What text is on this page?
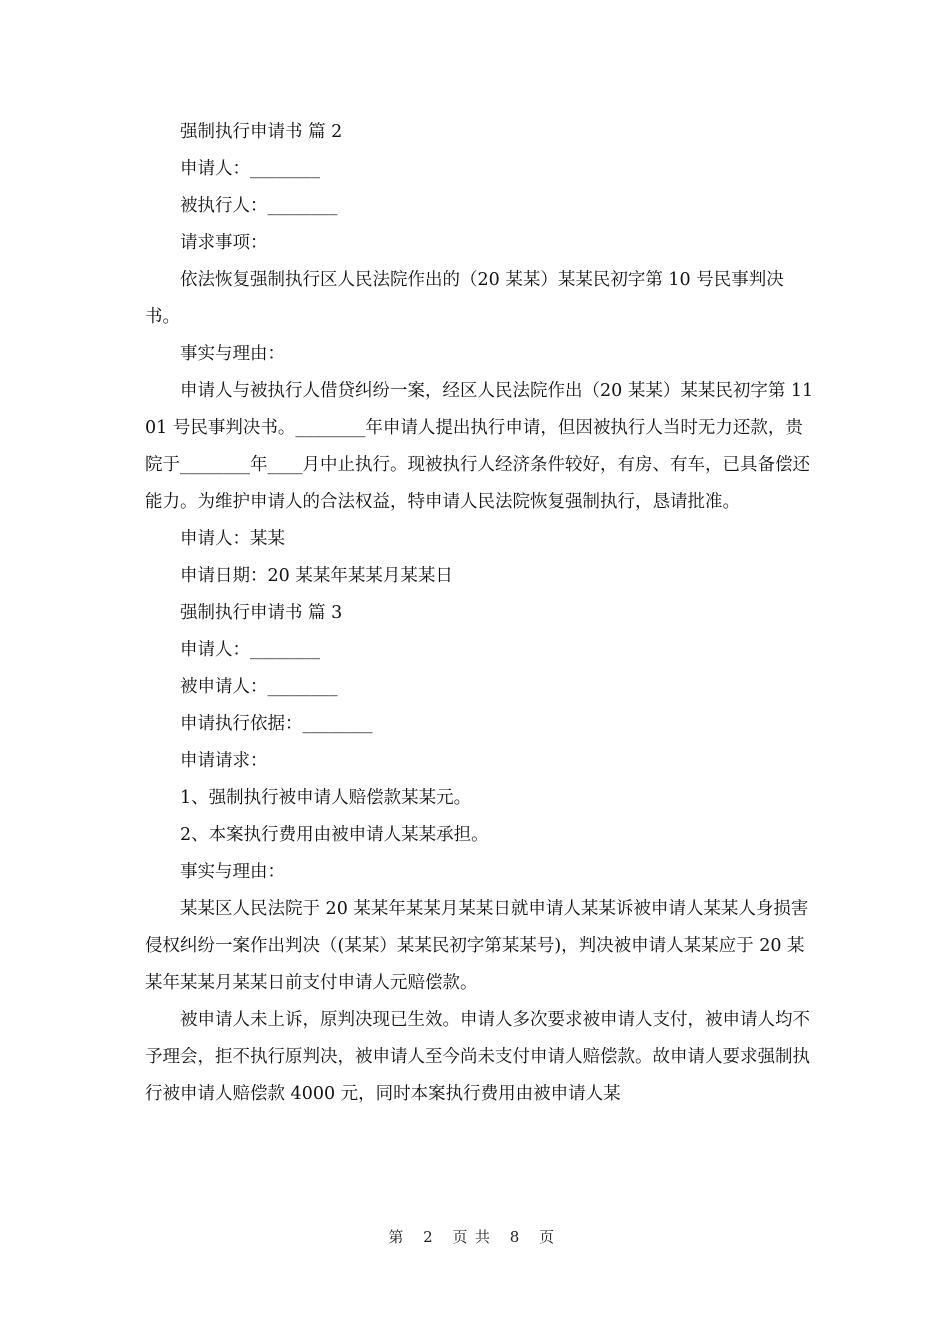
强制执行申请书 篇 2

申请人：________

被执行人：________

请求事项：

依法恢复强制执行区人民法院作出的（20 某某）某某民初字第 10 号民事判决书。

事实与理由：

申请人与被执行人借贷纠纷一案，经区人民法院作出（20 某某）某某民初字第 1101 号民事判决书。________年申请人提出执行申请，但因被执行人当时无力还款，贵院于________年____月中止执行。现被执行人经济条件较好，有房、有车，已具备偿还能力。为维护申请人的合法权益，特申请人民法院恢复强制执行，恳请批准。

申请人：某某

申请日期：20 某某年某某月某某日

强制执行申请书 篇 3

申请人：________

被申请人：________

申请执行依据：________

申请请求：

1、强制执行被申请人赔偿款某某元。

2、本案执行费用由被申请人某某承担。

事实与理由：

某某区人民法院于 20 某某年某某月某某日就申请人某某诉被申请人某某人身损害侵权纠纷一案作出判决（(某某）某某民初字第某某号)，判决被申请人某某应于 20 某某年某某月某某日前支付申请人元赔偿款。

被申请人未上诉，原判决现已生效。申请人多次要求被申请人支付，被申请人均不予理会，拒不执行原判决，被申请人至今尚未支付申请人赔偿款。故申请人要求强制执行被申请人赔偿款 4000 元，同时本案执行费用由被申请人某

第 2 页共 8 页
